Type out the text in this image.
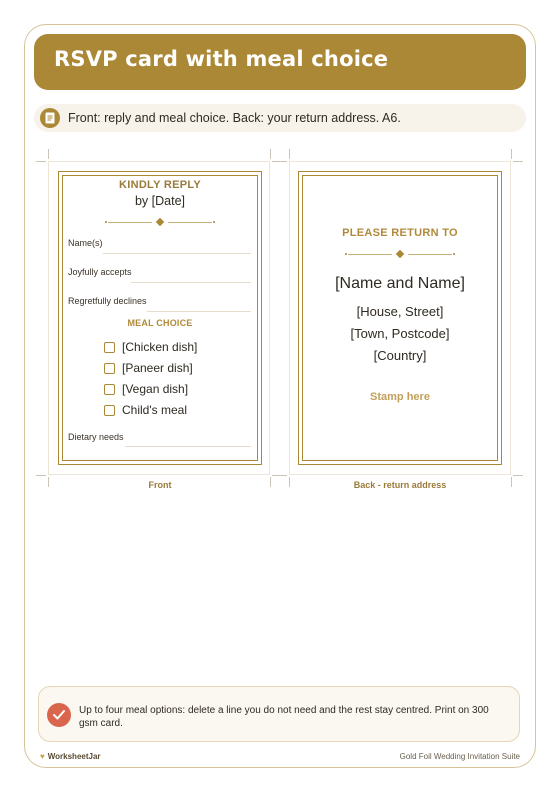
RSVP card with meal choice
Front: reply and meal choice. Back: your return address. A6.
KINDLY REPLY
by [Date]
Name(s)
Joyfully accepts
Regretfully declines
MEAL CHOICE
[Chicken dish]
[Paneer dish]
[Vegan dish]
Child's meal
Dietary needs
PLEASE RETURN TO
[Name and Name]
[House, Street]
[Town, Postcode]
[Country]
Stamp here
Front	Back - return address
Up to four meal options: delete a line you do not need and the rest stay centred. Print on 300 gsm card.
♥ WorksheetJar	Gold Foil Wedding Invitation Suite
